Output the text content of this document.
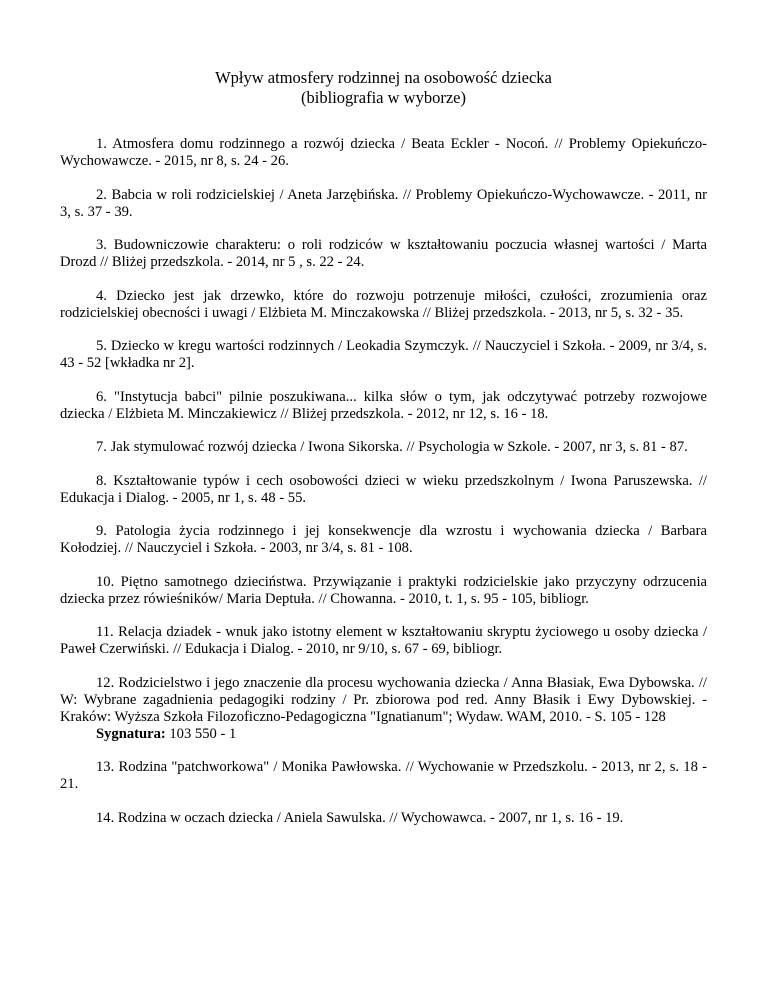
Wpływ atmosfery rodzinnej na osobowość dziecka
(bibliografia w wyborze)

1. Atmosfera domu rodzinnego a rozwój dziecka / Beata Eckler - Nocoń. // Problemy Opiekuńczo-Wychowawcze. - 2015, nr 8, s. 24 - 26.

2. Babcia w roli rodzicielskiej / Aneta Jarzębińska. // Problemy Opiekuńczo-Wychowawcze. - 2011, nr 3, s. 37 - 39.

3. Budowniczowie charakteru: o roli rodziców w kształtowaniu poczucia własnej wartości / Marta Drozd // Bliżej przedszkola. - 2014, nr 5 , s. 22 - 24.

4. Dziecko jest jak drzewko, które do rozwoju potrzenuje miłości, czułości, zrozumienia oraz rodzicielskiej obecności i uwagi / Elżbieta M. Minczakowska // Bliżej przedszkola. - 2013, nr 5, s. 32 - 35.

5. Dziecko w kregu wartości rodzinnych / Leokadia Szymczyk. // Nauczyciel i Szkoła. - 2009, nr 3/4, s. 43 - 52 [wkładka nr 2].

6. "Instytucja babci" pilnie poszukiwana... kilka słów o tym, jak odczytywać potrzeby rozwojowe dziecka / Elżbieta M. Minczakiewicz // Bliżej przedszkola. - 2012, nr 12, s. 16 - 18.

7. Jak stymulować rozwój dziecka / Iwona Sikorska. // Psychologia w Szkole. - 2007, nr 3, s. 81 - 87.

8. Kształtowanie typów i cech osobowości dzieci w wieku przedszkolnym / Iwona Paruszewska. // Edukacja i Dialog. - 2005, nr 1, s. 48 - 55.

9. Patologia życia rodzinnego i jej konsekwencje dla wzrostu i wychowania dziecka / Barbara Kołodziej. // Nauczyciel i Szkoła. - 2003, nr 3/4, s. 81 - 108.

10. Piętno samotnego dzieciństwa. Przywiązanie i praktyki rodzicielskie jako przyczyny odrzucenia dziecka przez rówieśników/ Maria Deptuła. // Chowanna. - 2010, t. 1, s. 95 - 105, bibliogr.

11. Relacja dziadek - wnuk jako istotny element w kształtowaniu skryptu życiowego u osoby dziecka / Paweł Czerwiński. // Edukacja i Dialog. - 2010, nr 9/10, s. 67 - 69, bibliogr.

12. Rodzicielstwo i jego znaczenie dla procesu wychowania dziecka / Anna Błasiak, Ewa Dybowska. // W: Wybrane zagadnienia pedagogiki rodziny / Pr. zbiorowa pod red. Anny Błasik i Ewy Dybowskiej. - Kraków: Wyższa Szkoła Filozoficzno-Pedagogiczna "Ignatianum"; Wydaw. WAM, 2010. - S. 105 - 128
Sygnatura: 103 550 - 1

13. Rodzina "patchworkowa" / Monika Pawłowska. // Wychowanie w Przedszkolu. - 2013, nr 2, s. 18 - 21.

14. Rodzina w oczach dziecka / Aniela Sawulska. // Wychowawca. - 2007, nr 1, s. 16 - 19.
